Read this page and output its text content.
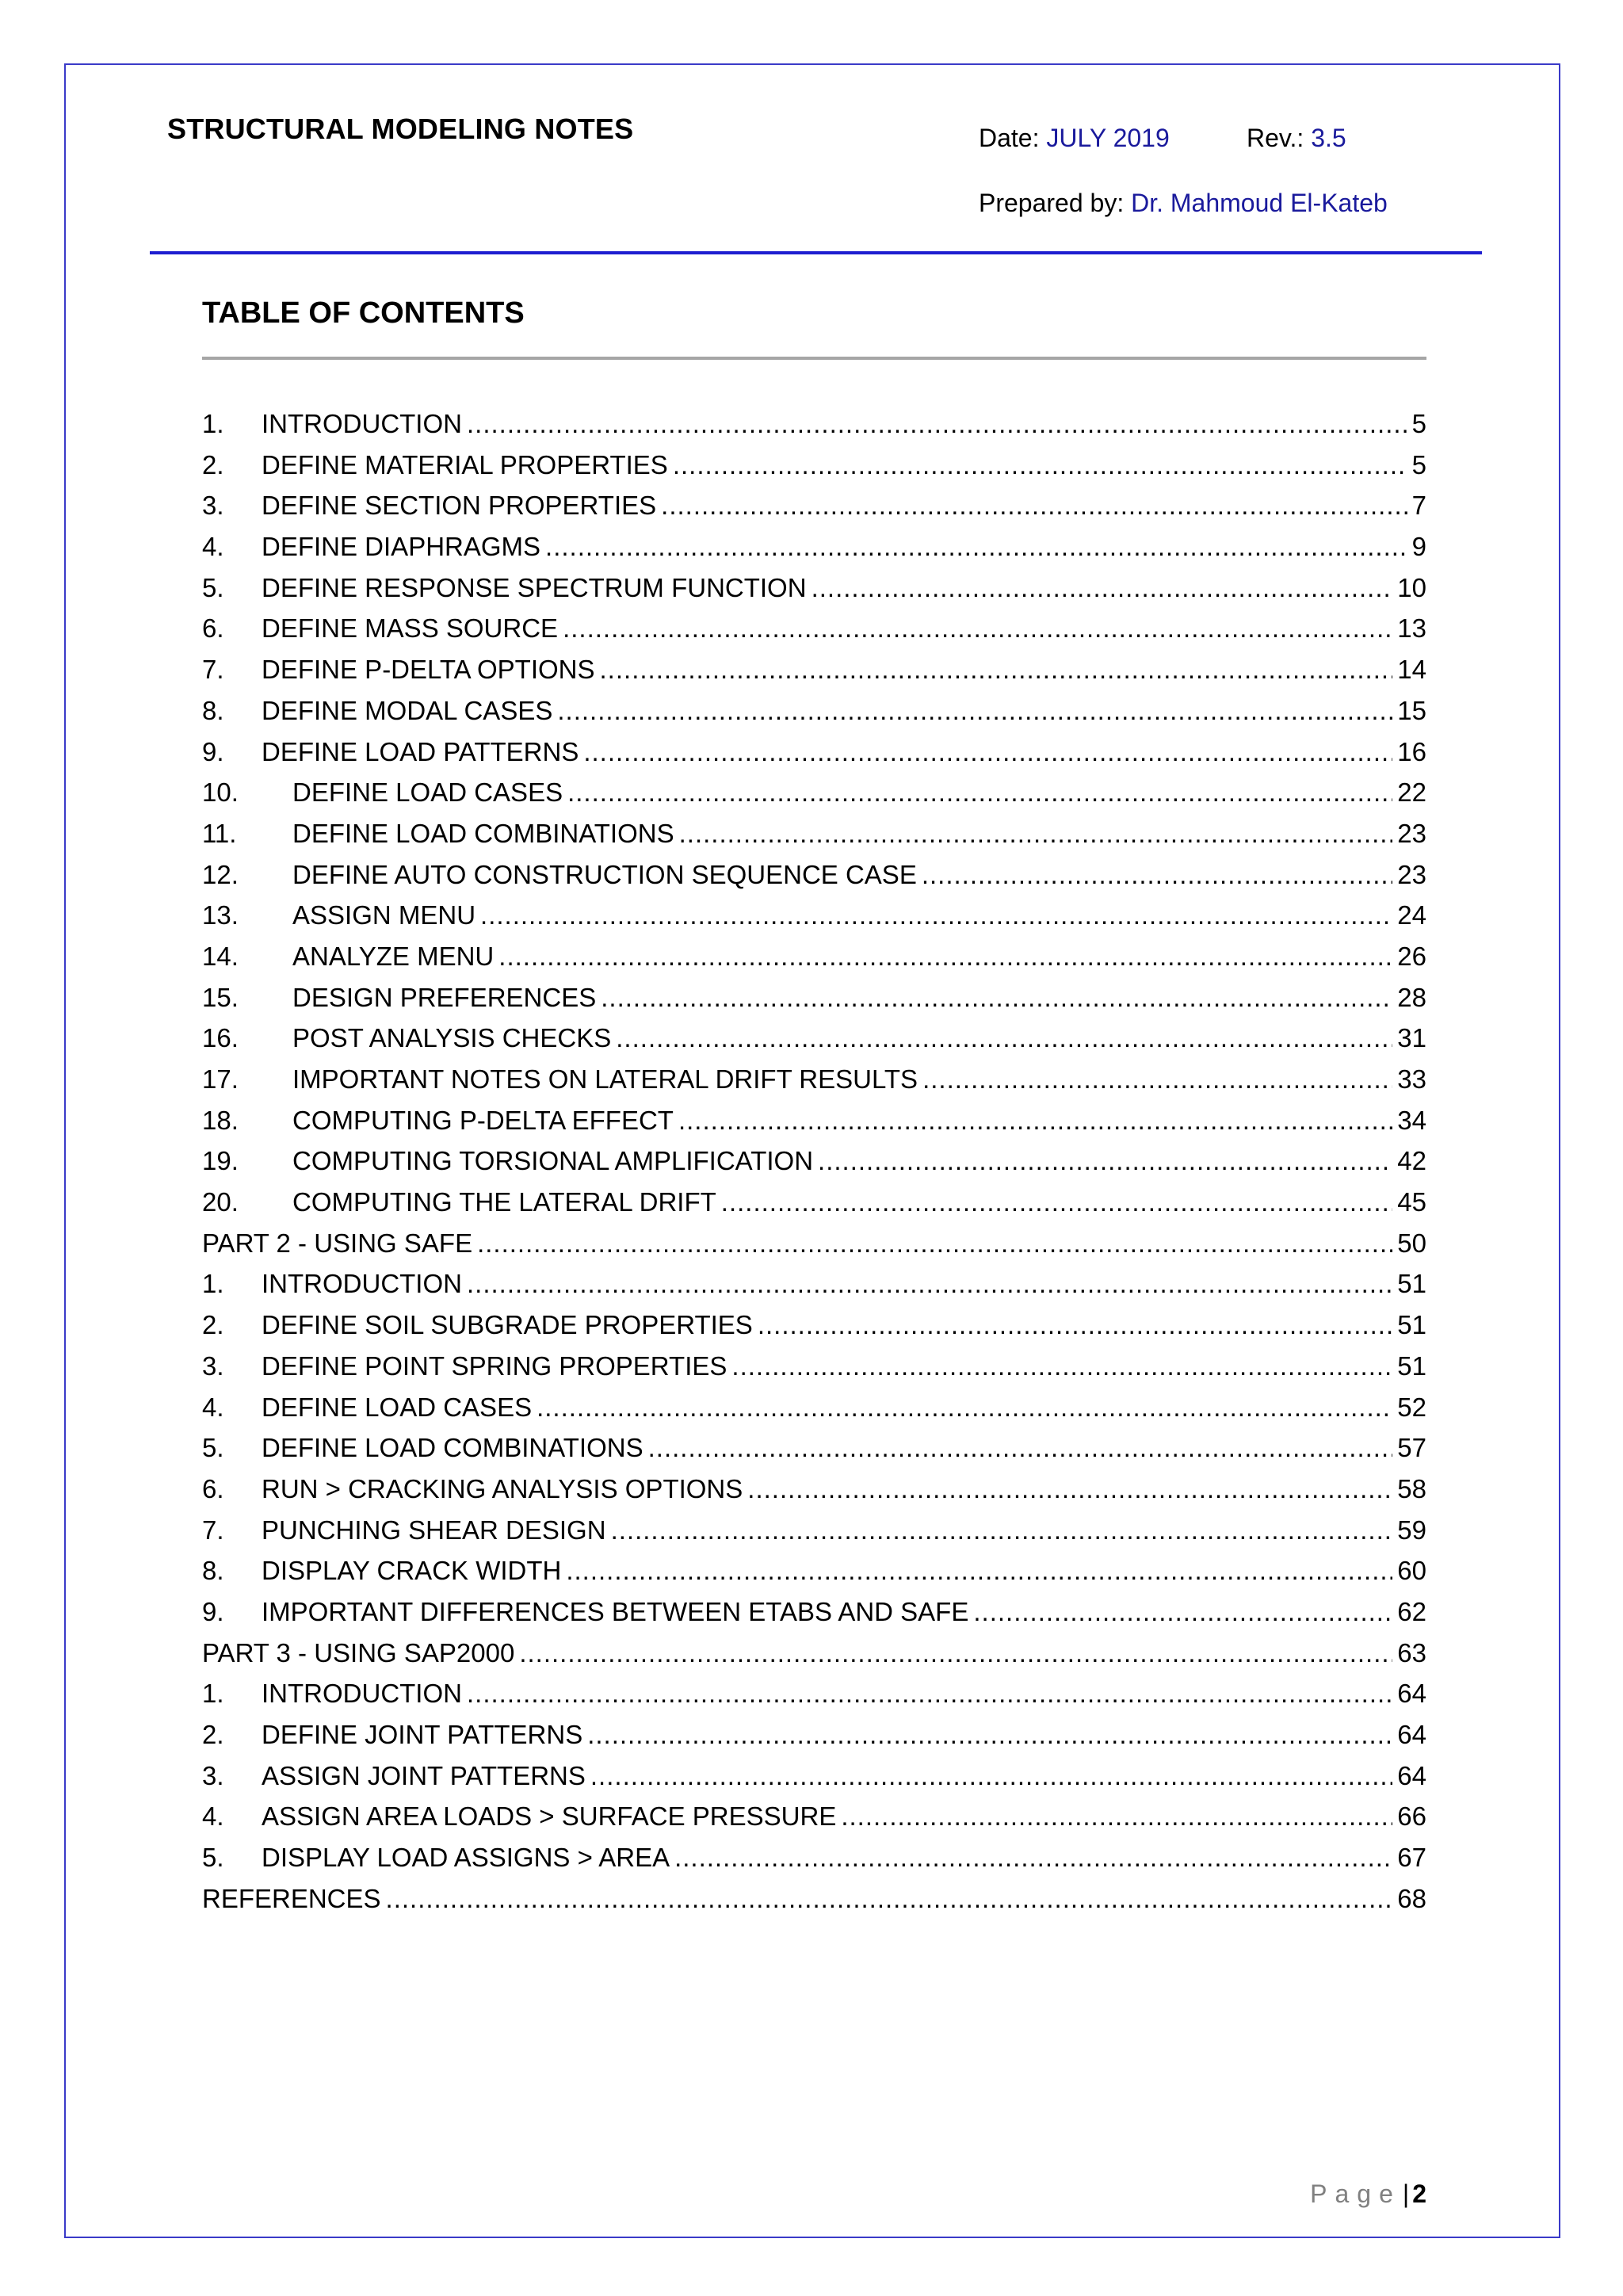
STRUCTURAL MODELING NOTES	Date: JULY 2019	Rev.: 3.5
Prepared by: Dr. Mahmoud El-Kateb
TABLE OF CONTENTS
1.	INTRODUCTION .....	5
2.	DEFINE MATERIAL PROPERTIES .....	5
3.	DEFINE SECTION PROPERTIES .....	7
4.	DEFINE DIAPHRAGMS .....	9
5.	DEFINE RESPONSE SPECTRUM FUNCTION .....	10
6.	DEFINE MASS SOURCE .....	13
7.	DEFINE P-DELTA OPTIONS .....	14
8.	DEFINE MODAL CASES .....	15
9.	DEFINE LOAD PATTERNS .....	16
10.	DEFINE LOAD CASES .....	22
11.	DEFINE LOAD COMBINATIONS .....	23
12.	DEFINE AUTO CONSTRUCTION SEQUENCE CASE .....	23
13.	ASSIGN MENU .....	24
14.	ANALYZE MENU .....	26
15.	DESIGN PREFERENCES .....	28
16.	POST ANALYSIS CHECKS .....	31
17.	IMPORTANT NOTES ON LATERAL DRIFT RESULTS .....	33
18.	COMPUTING P-DELTA EFFECT .....	34
19.	COMPUTING TORSIONAL AMPLIFICATION .....	42
20.	COMPUTING THE LATERAL DRIFT .....	45
PART 2 - USING SAFE .....	50
1.	INTRODUCTION .....	51
2.	DEFINE SOIL SUBGRADE PROPERTIES .....	51
3.	DEFINE POINT SPRING PROPERTIES .....	51
4.	DEFINE LOAD CASES .....	52
5.	DEFINE LOAD COMBINATIONS .....	57
6.	RUN > CRACKING ANALYSIS OPTIONS .....	58
7.	PUNCHING SHEAR DESIGN .....	59
8.	DISPLAY CRACK WIDTH .....	60
9.	IMPORTANT DIFFERENCES BETWEEN ETABS AND SAFE .....	62
PART 3 - USING SAP2000 .....	63
1.	INTRODUCTION .....	64
2.	DEFINE JOINT PATTERNS .....	64
3.	ASSIGN JOINT PATTERNS .....	64
4.	ASSIGN AREA LOADS > SURFACE PRESSURE .....	66
5.	DISPLAY LOAD ASSIGNS > AREA .....	67
REFERENCES .....	68
Page| 2
